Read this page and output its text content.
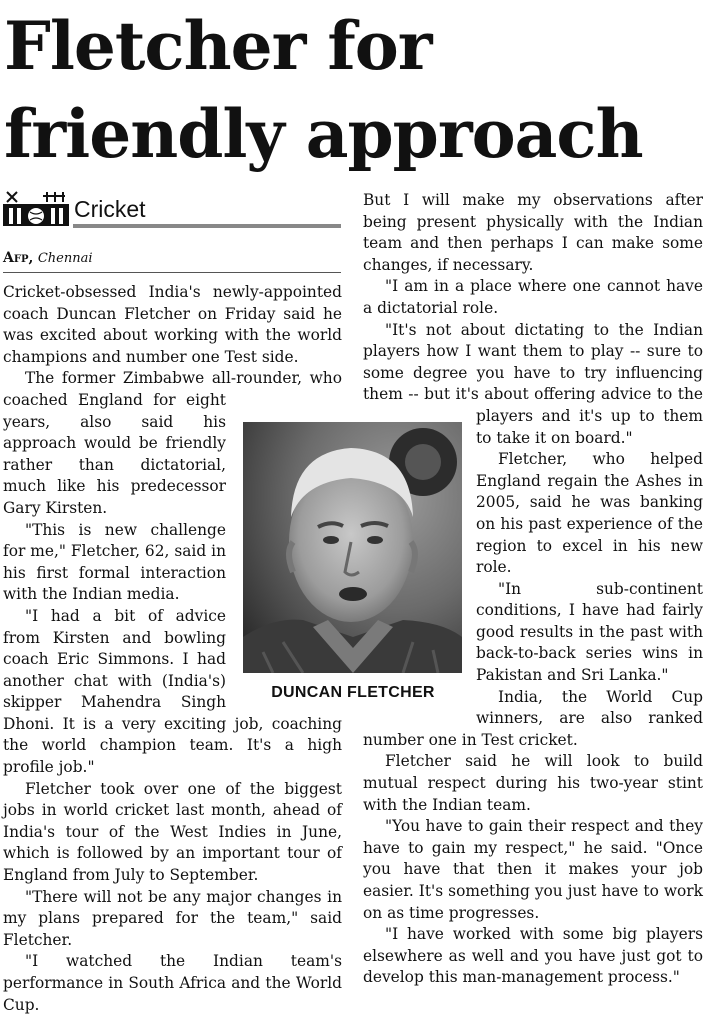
Fletcher for friendly approach
Cricket
Afp, Chennai

Cricket-obsessed India's newly-appointed coach Duncan Fletcher on Friday said he was excited about working with the world champions and number one Test side.

The former Zimbabwe all-rounder, who coached England for eight years, also said his approach would be friendly rather than dictatorial, much like his predecessor Gary Kirsten.

"This is new challenge for me," Fletcher, 62, said in his first formal interaction with the Indian media.

"I had a bit of advice from Kirsten and bowling coach Eric Simmons. I had another chat with (India's) skipper Mahendra Singh Dhoni. It is a very exciting job, coaching the world champion team. It's a high profile job."

Fletcher took over one of the biggest jobs in world cricket last month, ahead of India's tour of the West Indies in June, which is followed by an important tour of England from July to September.

"There will not be any major changes in my plans prepared for the team," said Fletcher.

"I watched the Indian team's performance in South Africa and the World Cup.

But I will make my observations after being present physically with the Indian team and then perhaps I can make some changes, if necessary.

"I am in a place where one cannot have a dictatorial role.

"It's not about dictating to the Indian players how I want them to play -- sure to some degree you have to try influencing them -- but it's about offering advice to the players and it's up to them to take it on board."

Fletcher, who helped England regain the Ashes in 2005, said he was banking on his past experience of the region to excel in his new role.

"In sub-continent conditions, I have had fairly good results in the past with back-to-back series wins in Pakistan and Sri Lanka."

India, the World Cup winners, are also ranked number one in Test cricket.

Fletcher said he will look to build mutual respect during his two-year stint with the Indian team.

"You have to gain their respect and they have to gain my respect," he said. "Once you have that then it makes your job easier. It's something you just have to work on as time progresses.

"I have worked with some big players elsewhere as well and you have just got to develop this man-management process."

DUNCAN FLETCHER
